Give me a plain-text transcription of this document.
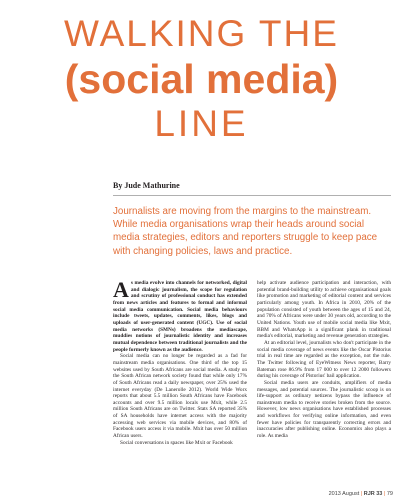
WALKING THE
(social media)
LINE
By Jude Mathurine
Journalists are moving from the margins to the mainstream. While media organisations wrap their heads around social media strategies, editors and reporters struggle to keep pace with changing policies, laws and practice.

As media evolve into channels for networked, digital and dialogic journalism, the scope for regulation and scrutiny of professional conduct has extended from news articles and features to formal and informal social media communication. Social media behaviours include tweets, updates, comments, likes, blogs and uploads of user-generated content (UGC). Use of social media networks (SMNs) broadens the mediascape, muddies notions of journalistic identity and increases mutual dependence between traditional journalists and the people formerly known as the audience.

Social media can no longer be regarded as a fad for mainstream media organisations. One third of the top 15 websites used by South Africans are social media. A study on the South African network society found that while only 17% of South Africans read a daily newspaper, over 25% used the internet everyday (De Lanerolle 2012). World Wide Worx reports that about 5.5 million South Africans have Facebook accounts and over 9.5 million locals use Mxit, while 2.5 million South Africans are on Twitter. Stats SA reported 35% of SA households have internet access with the majority accessing web services via mobile devices, and 80% of Facebook users access it via mobile. Mxit has over 50 million African users.

Social conversations in spaces like Mxit or Facebook

help activate audience participation and interaction, with potential brand-building utility to achieve organisational goals like promotion and marketing of editorial content and services particularly among youth. In Africa in 2010, 20% of the population consisted of youth between the ages of 15 and 24, and 70% of Africans were under 30 years old, according to the United Nations. Youth use of mobile social media like Mxit, BBM and WhatsApp is a significant plank in traditional media's editorial, marketing and revenue generation strategies.

At an editorial level, journalists who don't participate in the social media coverage of news events like the Oscar Pistorius trial in real time are regarded as the exception, not the rule. The Twitter following of EyeWitness News reporter, Barry Bateman rose 86.9% from 17 000 to over 12 2000 followers during his coverage of Pistorius' bail application.

Social media users are conduits, amplifiers of media messages, and potential sources. The journalistic scoop is on life-support as ordinary netizens bypass the influence of mainstream media to receive stories broken from the source. However, low news organisations have established processes and workflows for verifying online information, and even fewer have policies for transparently correcting errors and inaccuracies after publishing online. Economics also plays a role. As media

2013 August | RJR 33 | 79
